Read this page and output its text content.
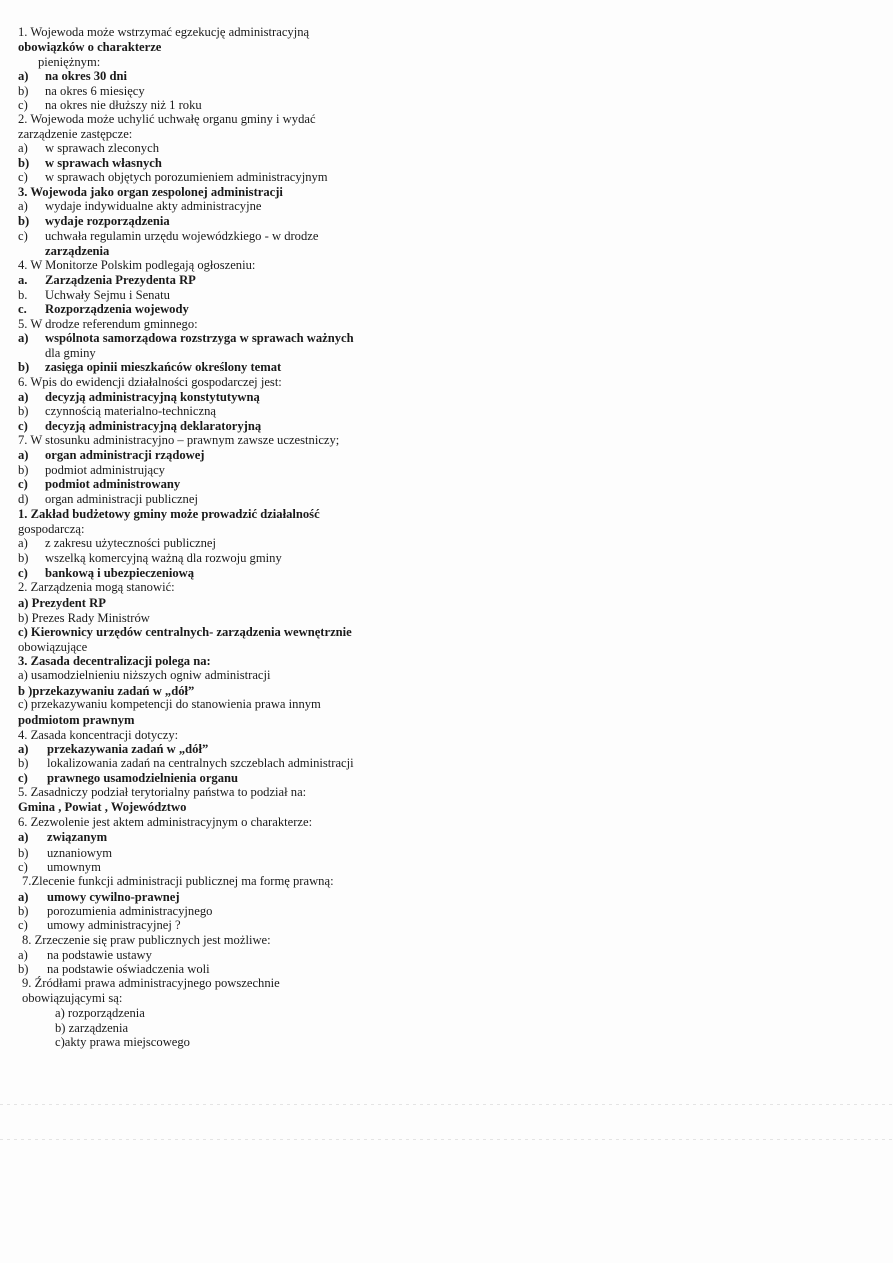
1. Wojewoda może wstrzymać egzekucję administracyjną
obowiązków o charakterze
pieniężnym:
a) na okres 30 dni
b) na okres 6 miesięcy
c) na okres nie dłuższy niż 1 roku
2. Wojewoda może uchylić uchwałę organu gminy i wydać
zarządzenie zastępcze:
a) w sprawach zleconych
b) w sprawach własnych
c) w sprawach objętych porozumieniem administracyjnym
3. Wojewoda jako organ zespolonej administracji
a) wydaje indywidualne akty administracyjne
b) wydaje rozporządzenia
c) uchwała regulamin urzędu wojewódzkiego - w drodze
zarządzenia
4. W Monitorze Polskim podlegają ogłoszeniu:
a. Zarządzenia Prezydenta RP
b. Uchwały Sejmu i Senatu
c. Rozporządzenia wojewody
5. W drodze referendum gminnego:
a) wspólnota samorządowa rozstrzyga w sprawach ważnych
dla gminy
b) zasięga opinii mieszkańców określony temat
6. Wpis do ewidencji działalności gospodarczej jest:
a) decyzją administracyjną konstytutywną
b) czynnością materialno-techniczną
c) decyzją administracyjną deklaratoryjną
7. W stosunku administracyjno – prawnym zawsze uczestniczy;
a) organ administracji rządowej
b) podmiot administrujący
c) podmiot administrowany
d) organ administracji publicznej
1. Zakład budżetowy gminy może prowadzić działalność
gospodarczą:
a) z zakresu użyteczności publicznej
b) wszelką komercyjną ważną dla rozwoju gminy
c) bankową i ubezpieczeniową
2. Zarządzenia mogą stanowić:
a) Prezydent RP
b) Prezes Rady Ministrów
c) Kierownicy urzędów centralnych- zarządzenia wewnętrznie
obowiązujące
3. Zasada decentralizacji polega na:
a) usamodzielnieniu niższych ogniw administracji
b )przekazywaniu zadań w „dół”
c) przekazywaniu kompetencji do stanowienia prawa innym
podmiotom prawnym
4. Zasada koncentracji dotyczy:
a) przekazywania zadań w „dół”
b) lokalizowania zadań na centralnych szczeblach administracji
c) prawnego usamodzielnienia organu
5. Zasadniczy podział terytorialny państwa to podział na:
Gmina , Powiat , Województwo
6. Zezwolenie jest aktem administracyjnym o charakterze:
a) związanym
b) uznaniowym
c) umownym
7.Zlecenie funkcji administracji publicznej ma formę prawną:
a) umowy cywilno-prawnej
b) porozumienia administracyjnego
c) umowy administracyjnej ?
8. Zrzeczenie się praw publicznych jest możliwe:
a) na podstawie ustawy
b) na podstawie oświadczenia woli
9. Źródłami prawa administracyjnego powszechnie
obowiązującymi są:
a) rozporządzenia
b) zarządzenia
c)akty prawa miejscowego
